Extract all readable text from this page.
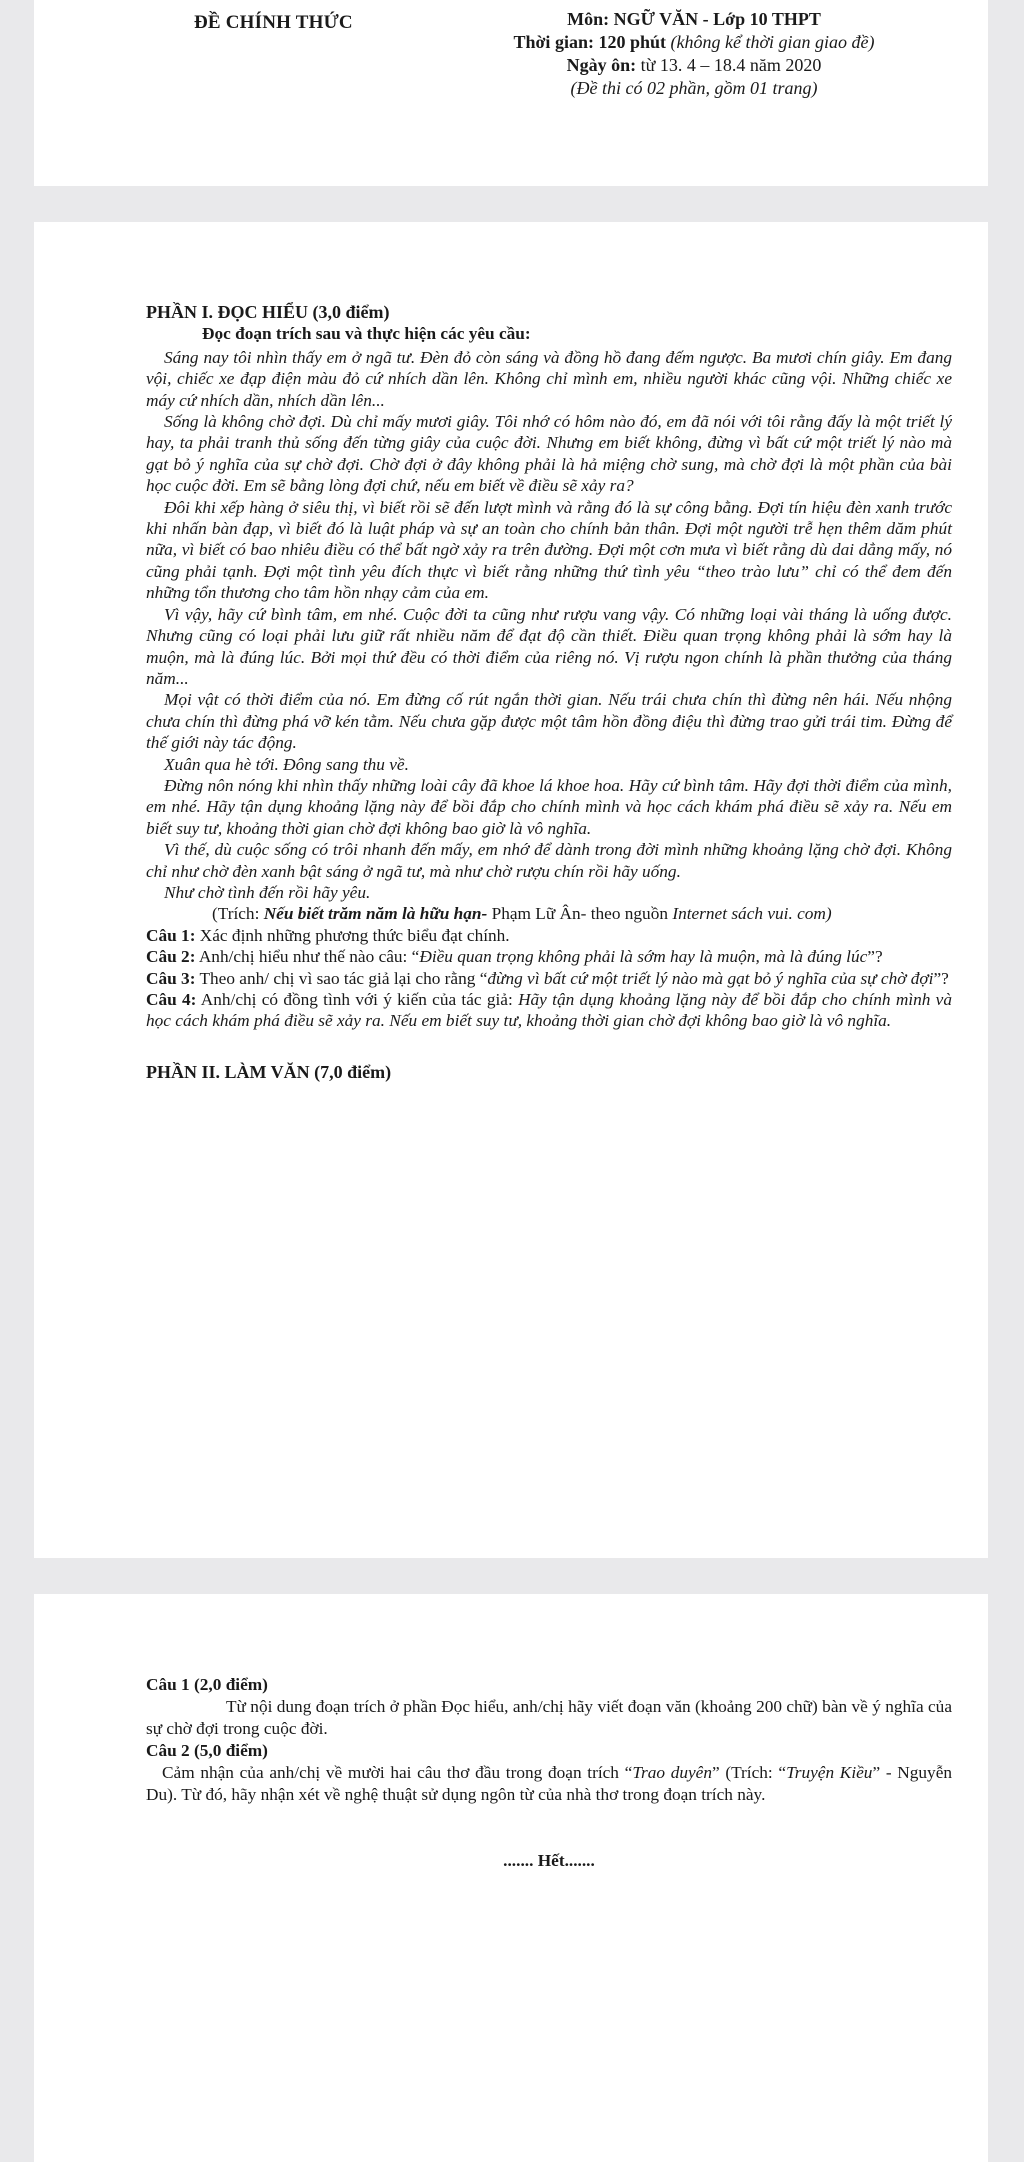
ĐỀ CHÍNH THỨC	Môn: NGỮ VĂN - Lớp 10 THPT
Thời gian: 120 phút (không kể thời gian giao đề)
Ngày ôn: từ 13. 4 – 18.4 năm 2020
(Đề thi có 02 phần, gồm 01 trang)

PHẦN I. ĐỌC HIỂU (3,0 điểm)

Đọc đoạn trích sau và thực hiện các yêu cầu:

Sáng nay tôi nhìn thấy em ở ngã tư. Đèn đỏ còn sáng và đồng hồ đang đếm ngược. Ba mươi chín giây. Em đang vội, chiếc xe đạp điện màu đỏ cứ nhích dần lên. Không chỉ mình em, nhiều người khác cũng vội. Những chiếc xe máy cứ nhích dần, nhích dần lên...

Sống là không chờ đợi. Dù chỉ mấy mươi giây. Tôi nhớ có hôm nào đó, em đã nói với tôi rằng đấy là một triết lý hay, ta phải tranh thủ sống đến từng giây của cuộc đời. Nhưng em biết không, đừng vì bất cứ một triết lý nào mà gạt bỏ ý nghĩa của sự chờ đợi. Chờ đợi ở đây không phải là hả miệng chờ sung, mà chờ đợi là một phần của bài học cuộc đời. Em sẽ bằng lòng đợi chứ, nếu em biết về điều sẽ xảy ra?

Đôi khi xếp hàng ở siêu thị, vì biết rồi sẽ đến lượt mình và rằng đó là sự công bằng. Đợi tín hiệu đèn xanh trước khi nhấn bàn đạp, vì biết đó là luật pháp và sự an toàn cho chính bản thân. Đợi một người trễ hẹn thêm dăm phút nữa, vì biết có bao nhiêu điều có thể bất ngờ xảy ra trên đường. Đợi một cơn mưa vì biết rằng dù dai dẳng mấy, nó cũng phải tạnh. Đợi một tình yêu đích thực vì biết rằng những thứ tình yêu “theo trào lưu” chỉ có thể đem đến những tổn thương cho tâm hồn nhạy cảm của em.

Vì vậy, hãy cứ bình tâm, em nhé. Cuộc đời ta cũng như rượu vang vậy. Có những loại vài tháng là uống được. Nhưng cũng có loại phải lưu giữ rất nhiều năm để đạt độ cần thiết. Điều quan trọng không phải là sớm hay là muộn, mà là đúng lúc. Bởi mọi thứ đều có thời điểm của riêng nó. Vị rượu ngon chính là phần thưởng của tháng năm...

Mọi vật có thời điểm của nó. Em đừng cố rút ngắn thời gian. Nếu trái chưa chín thì đừng nên hái. Nếu nhộng chưa chín thì đừng phá vỡ kén tằm. Nếu chưa gặp được một tâm hồn đồng điệu thì đừng trao gửi trái tim. Đừng để thế giới này tác động.

Xuân qua hè tới. Đông sang thu về.

Đừng nôn nóng khi nhìn thấy những loài cây đã khoe lá khoe hoa. Hãy cứ bình tâm. Hãy đợi thời điểm của mình, em nhé. Hãy tận dụng khoảng lặng này để bồi đắp cho chính mình và học cách khám phá điều sẽ xảy ra. Nếu em biết suy tư, khoảng thời gian chờ đợi không bao giờ là vô nghĩa.

Vì thế, dù cuộc sống có trôi nhanh đến mấy, em nhớ để dành trong đời mình những khoảng lặng chờ đợi. Không chỉ như chờ đèn xanh bật sáng ở ngã tư, mà như chờ rượu chín rồi hãy uống.

Như chờ tình đến rồi hãy yêu.

(Trích: Nếu biết trăm năm là hữu hạn- Phạm Lữ Ân- theo nguồn Internet sách vui. com)

Câu 1: Xác định những phương thức biểu đạt chính.

Câu 2: Anh/chị hiểu như thế nào câu: “Điều quan trọng không phải là sớm hay là muộn, mà là đúng lúc”?

Câu 3: Theo anh/ chị vì sao tác giả lại cho rằng “đừng vì bất cứ một triết lý nào mà gạt bỏ ý nghĩa của sự chờ đợi”?

Câu 4: Anh/chị có đồng tình với ý kiến của tác giả: Hãy tận dụng khoảng lặng này để bồi đắp cho chính mình và học cách khám phá điều sẽ xảy ra. Nếu em biết suy tư, khoảng thời gian chờ đợi không bao giờ là vô nghĩa.

PHẦN II. LÀM VĂN (7,0 điểm)

Câu 1 (2,0 điểm)

Từ nội dung đoạn trích ở phần Đọc hiểu, anh/chị hãy viết đoạn văn (khoảng 200 chữ) bàn về ý nghĩa của sự chờ đợi trong cuộc đời.

Câu 2 (5,0 điểm)

Cảm nhận của anh/chị về mười hai câu thơ đầu trong đoạn trích “Trao duyên” (Trích: “Truyện Kiều” - Nguyễn Du). Từ đó, hãy nhận xét về nghệ thuật sử dụng ngôn từ của nhà thơ trong đoạn trích này.

....... Hết.......
